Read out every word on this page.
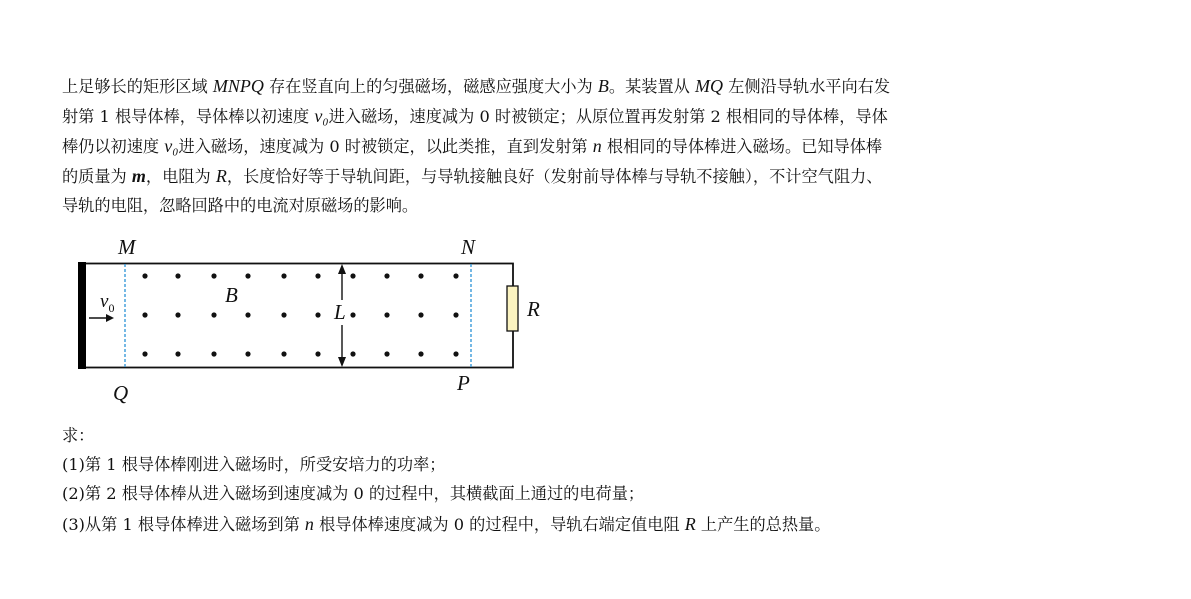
上足够长的矩形区域 MNPQ 存在竖直向上的匀强磁场，磁感应强度大小为 B。某装置从 MQ 左侧沿导轨水平向右发
射第 1 根导体棒，导体棒以初速度 v₀进入磁场，速度减为 0 时被锁定；从原位置再发射第 2 根相同的导体棒，导体
棒仍以初速度 v₀进入磁场，速度减为 0 时被锁定，以此类推，直到发射第 n 根相同的导体棒进入磁场。已知导体棒
的质量为 m，电阻为 R，长度恰好等于导轨间距，与导轨接触良好（发射前导体棒与导轨不接触），不计空气阻力、
导轨的电阻，忽略回路中的电流对原磁场的影响。
求：
(1)第 1 根导体棒刚进入磁场时，所受安培力的功率；
(2)第 2 根导体棒从进入磁场到速度减为 0 的过程中，其横截面上通过的电荷量；
(3)从第 1 根导体棒进入磁场到第 n 根导体棒速度减为 0 的过程中，导轨右端定值电阻 R 上产生的总热量。
M	N
Q	P
B
L	R
$v_0$
